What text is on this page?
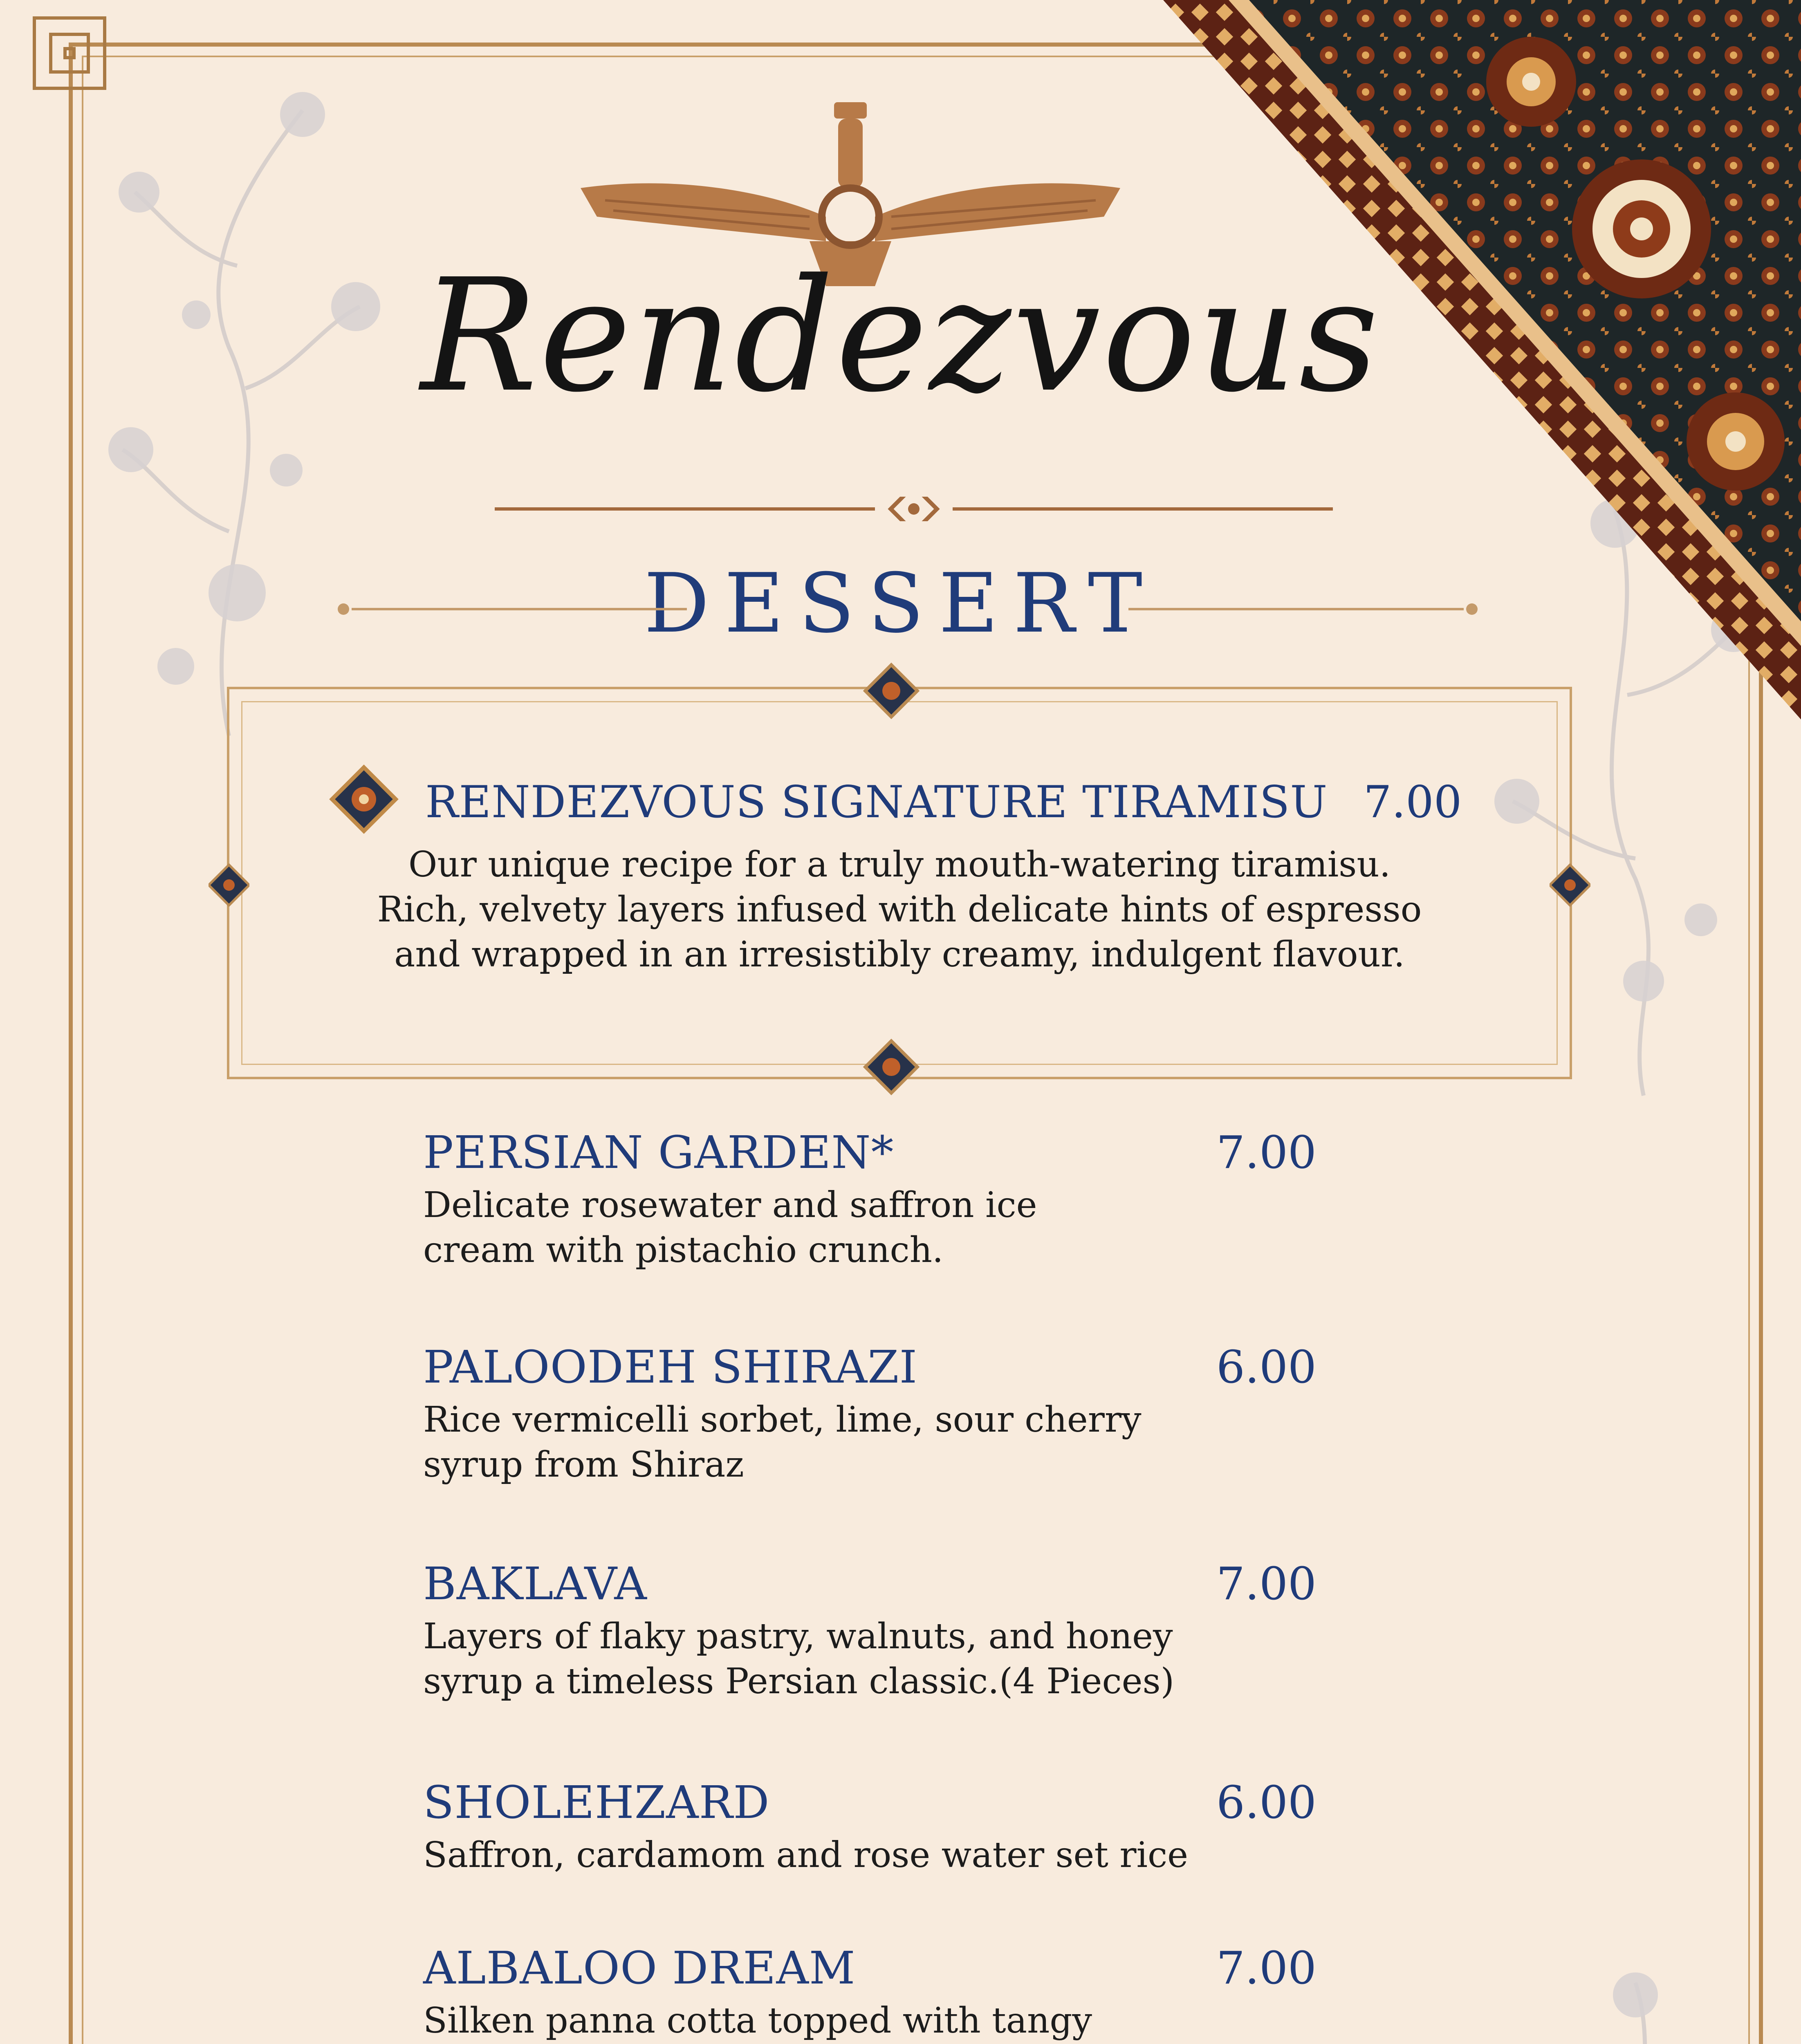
Rendezvous
DESSERT
RENDEZVOUS SIGNATURE TIRAMISU 7.00
Our unique recipe for a truly mouth-watering tiramisu.
Rich, velvety layers infused with delicate hints of espresso
and wrapped in an irresistibly creamy, indulgent flavour.
PERSIAN GARDEN*	7.00
Delicate rosewater and saffron ice
cream with pistachio crunch.
PALOODEH SHIRAZI	6.00
Rice vermicelli sorbet, lime, sour cherry
syrup from Shiraz
BAKLAVA	7.00
Layers of flaky pastry, walnuts, and honey
syrup a timeless Persian classic.(4 Pieces)
SHOLEHZARD	6.00
Saffron, cardamom and rose water set rice
ALBALOO DREAM	7.00
Silken panna cotta topped with tangy
